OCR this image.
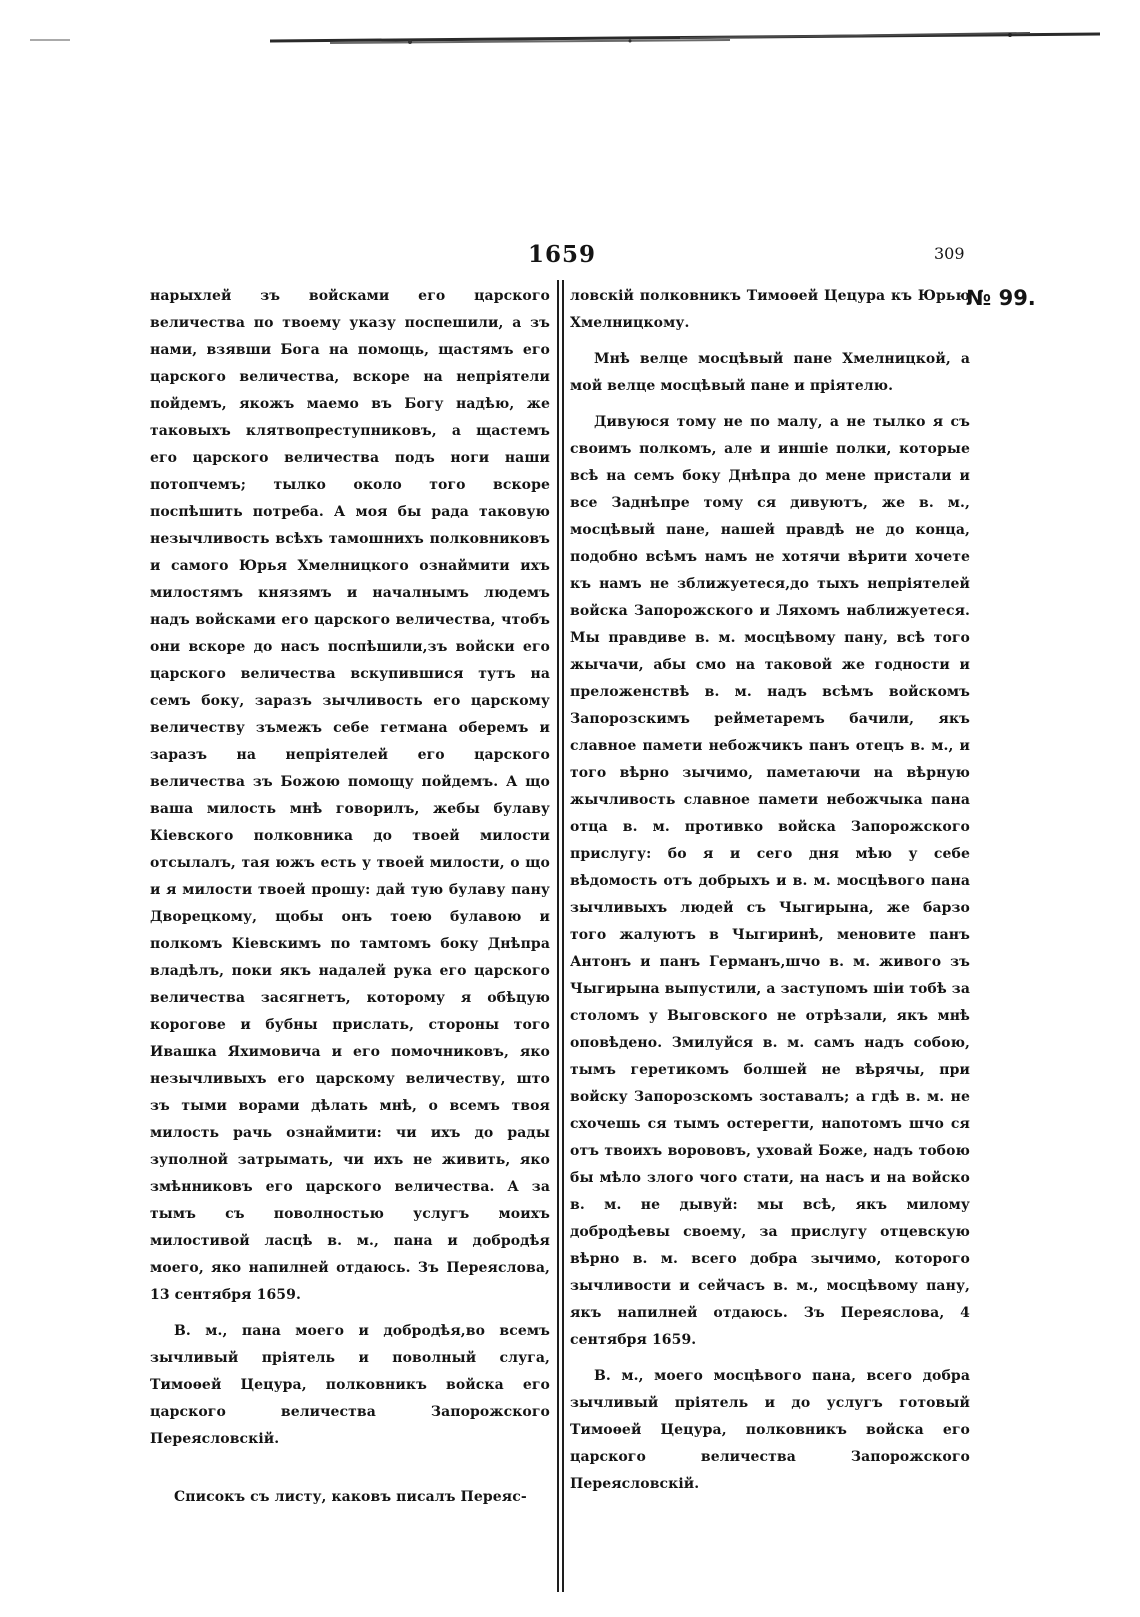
1659	309
№ 99.

нарыхлей зъ войсками его царского величества по твоему указу поспешили, а зъ нами, взявши Бога на помощь, щастямъ его царского величества, вскоре на непріятели пойдемъ, якожъ маемо въ Богу надѣю, же таковыхъ клятвопреступниковъ, а щастемъ его царского величества подъ ноги наши потопчемъ; тылко около того вскоре поспѣшить потреба. А моя бы рада таковую незычливость всѣхъ тамошнихъ полковниковъ и самого Юрья Хмелницкого ознаймити ихъ милостямъ князямъ и началнымъ людемъ надъ войсками его царского величества, чтобъ они вскоре до насъ поспѣшили,зъ войски его царского величества вскупившися тутъ на семъ боку, заразъ зычливость его царскому величеству зъмежъ себе гетмана оберемъ и заразъ на непріятелей его царского величества зъ Божою помощу пойдемъ. А що ваша милость мнѣ говорилъ, жебы булаву Кіевского полковника до твоей милости отсылалъ, тая южъ есть у твоей милости, о що и я милости твоей прошу: дай тую булаву пану Дворецкому, щобы онъ тоею булавою и полкомъ Кіевскимъ по тамтомъ боку Днѣпра владѣлъ, поки якъ надалей рука его царского величества засягнетъ, которому я обѣцую корогове и бубны прислать, стороны того Ивашка Яхимовича и его помочниковъ, яко незычливыхъ его царскому величеству, што зъ тыми ворами дѣлать мнѣ, о всемъ твоя милость рачь ознаймити: чи ихъ до рады зуполной затрымать, чи ихъ не живить, яко змѣнниковъ его царского величества. А за тымъ съ поволностью услугъ моихъ милостивой ласцѣ в. м., пана и добродѣя моего, яко напилней отдаюсь. Зъ Переяслова, 13 сентября 1659.

В. м., пана моего и добродѣя,во всемъ зычливый пріятель и поволный слуга, Тимоѳей Цецура, полковникъ войска его царского величества Запорожского Переясловскій.

Списокъ съ листу, каковъ писалъ Переяс-

ловскій полковникъ Тимоѳей Цецура къ Юрью Хмелницкому.

Мнѣ велце мосцѣвый пане Хмелницкой, а мой велце мосцѣвый пане и пріятелю.

Дивуюся тому не по малу, а не тылко я съ своимъ полкомъ, але и иншіе полки, которые всѣ на семъ боку Днѣпра до мене пристали и все Заднѣпре тому ся дивуютъ, же в. м., мосцѣвый пане, нашей правдѣ не до конца, подобно всѣмъ намъ не хотячи вѣрити хочете къ намъ не зближуетеся,до тыхъ непріятелей войска Запорожского и Ляхомъ наближуетеся. Мы правдиве в. м. мосцѣвому пану, всѣ того жычачи, абы смо на таковой же годности и преложенствѣ в. м. надъ всѣмъ войскомъ Запорозскимъ рейметаремъ бачили, якъ славное памети небожчикъ панъ отецъ в. м., и того вѣрно зычимо, паметаючи на вѣрную жычливость славное памети небожчыка пана отца в. м. противко войска Запорожского прислугу: бо я и сего дня мѣю у себе вѣдомость отъ добрыхъ и в. м. мосцѣвого пана зычливыхъ людей съ Чыгирына, же барзо того жалуютъ в Чыгиринѣ, меновите панъ Антонъ и панъ Германъ,шчо в. м. живого зъ Чыгирына выпустили, а заступомъ шіи тобѣ за столомъ у Выговского не отрѣзали, якъ мнѣ оповѣдено. Змилуйся в. м. самъ надъ собою, тымъ геретикомъ болшей не вѣрячы, при войску Запорозскомъ зоставалъ; а гдѣ в. м. не схочешь ся тымъ остерегти, напотомъ шчо ся отъ твоихъ ворововъ, уховай Боже, надъ тобою бы мѣло злого чого стати, на насъ и на войско в. м. не дывуй: мы всѣ, якъ милому добродѣевы своему, за прислугу отцевскую вѣрно в. м. всего добра зычимо, которого зычливости и сейчасъ в. м., мосцѣвому пану, якъ напилней отдаюсь. Зъ Переяслова, 4 сентября 1659.

В. м., моего мосцѣвого пана, всего добра зычливый пріятель и до услугъ готовый Тимоѳей Цецура, полковникъ войска его царского величества Запорожского Переясловскій.
